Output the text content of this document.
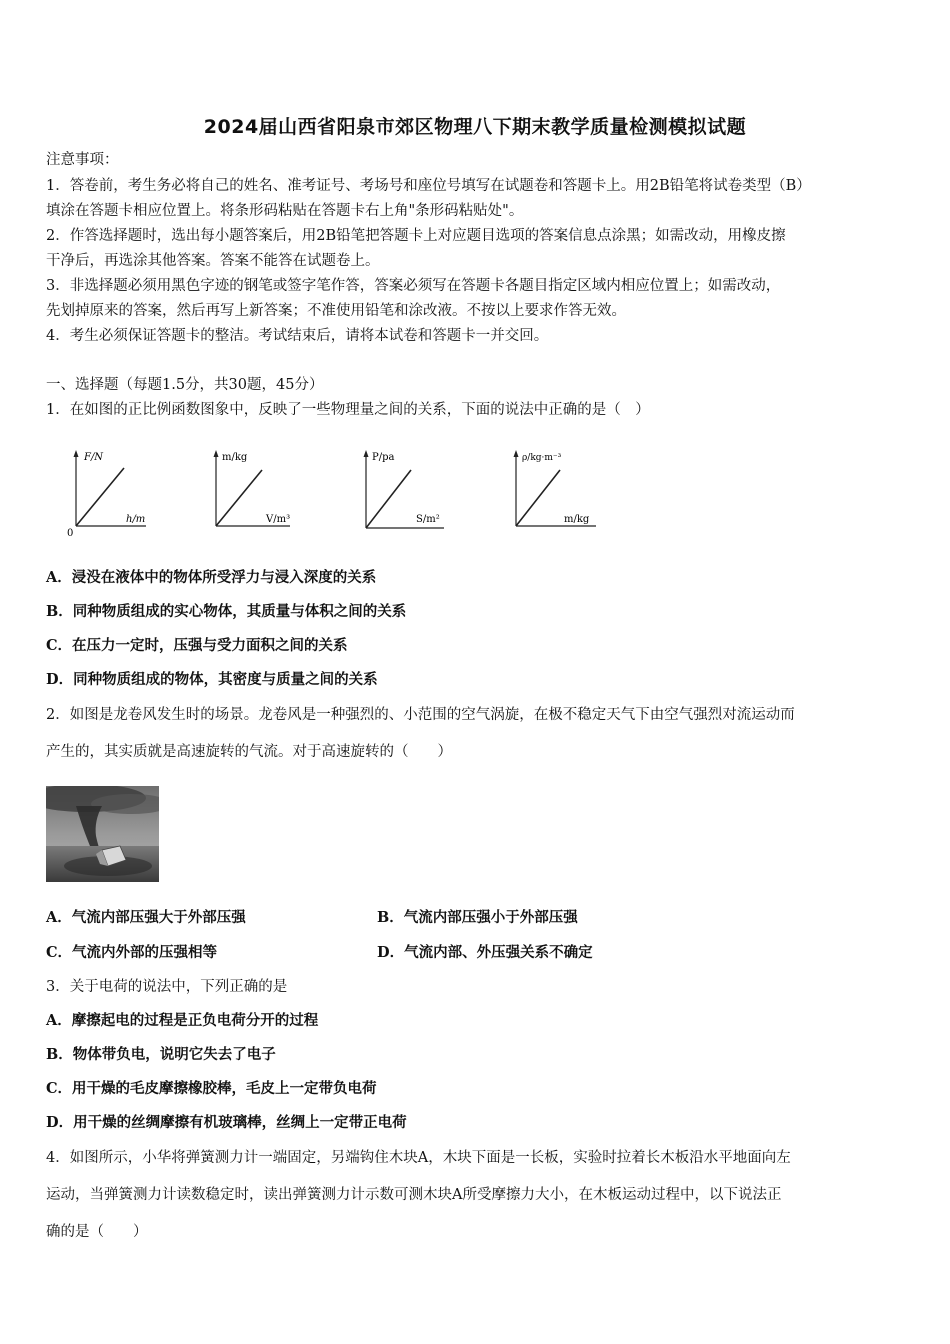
2024届山西省阳泉市郊区物理八下期末教学质量检测模拟试题
注意事项：
1．答卷前，考生务必将自己的姓名、准考证号、考场号和座位号填写在试题卷和答题卡上。用2B铅笔将试卷类型（B）
填涂在答题卡相应位置上。将条形码粘贴在答题卡右上角"条形码粘贴处"。
2．作答选择题时，选出每小题答案后，用2B铅笔把答题卡上对应题目选项的答案信息点涂黑；如需改动，用橡皮擦
干净后，再选涂其他答案。答案不能答在试题卷上。
3．非选择题必须用黑色字迹的钢笔或签字笔作答，答案必须写在答题卡各题目指定区域内相应位置上；如需改动，
先划掉原来的答案，然后再写上新答案；不准使用铅笔和涂改液。不按以上要求作答无效。
4．考生必须保证答题卡的整洁。考试结束后，请将本试卷和答题卡一并交回。
一、选择题（每题1.5分，共30题，45分）
1．在如图的正比例函数图象中，反映了一些物理量之间的关系，下面的说法中正确的是（　）
F/N
h/m
0
m/kg
V/m³
P/pa
S/m²
ρ/kg·m⁻³
m/kg
A．浸没在液体中的物体所受浮力与浸入深度的关系
B．同种物质组成的实心物体，其质量与体积之间的关系
C．在压力一定时，压强与受力面积之间的关系
D．同种物质组成的物体，其密度与质量之间的关系
2．如图是龙卷风发生时的场景。龙卷风是一种强烈的、小范围的空气涡旋，在极不稳定天气下由空气强烈对流运动而
产生的，其实质就是高速旋转的气流。对于高速旋转的（　　）
A．气流内部压强大于外部压强	B．气流内部压强小于外部压强
C．气流内外部的压强相等	D．气流内部、外压强关系不确定
3．关于电荷的说法中，下列正确的是
A．摩擦起电的过程是正负电荷分开的过程
B．物体带负电，说明它失去了电子
C．用干燥的毛皮摩擦橡胶棒，毛皮上一定带负电荷
D．用干燥的丝绸摩擦有机玻璃棒，丝绸上一定带正电荷
4．如图所示，小华将弹簧测力计一端固定，另端钩住木块A，木块下面是一长板，实验时拉着长木板沿水平地面向左
运动，当弹簧测力计读数稳定时，读出弹簧测力计示数可测木块A所受摩擦力大小，在木板运动过程中，以下说法正
确的是（　　）
